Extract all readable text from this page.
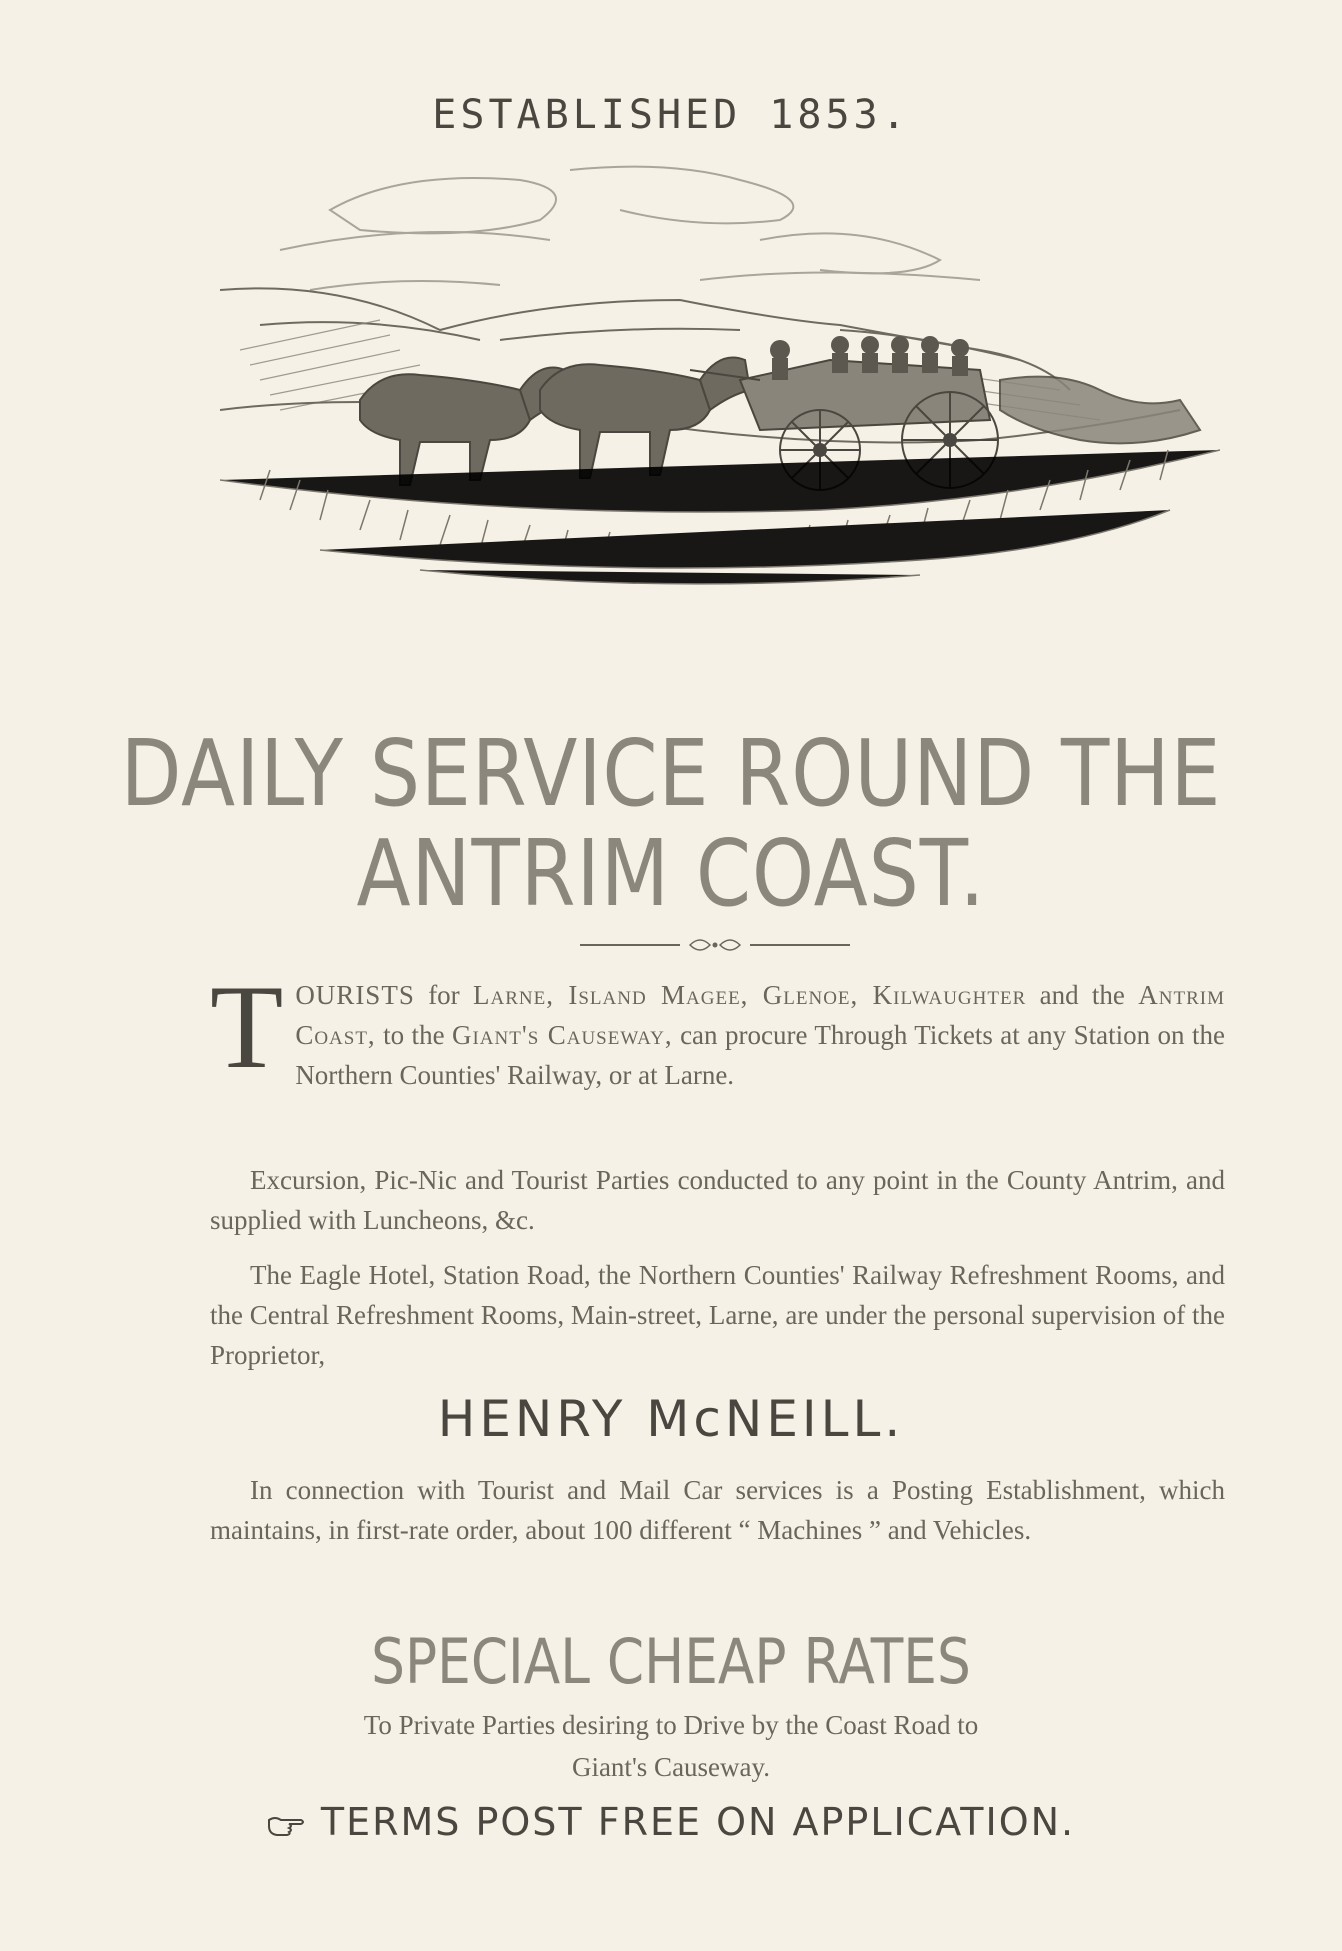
ESTABLISHED 1853.
DAILY SERVICE ROUND THE
ANTRIM COAST.
TOURISTS for Larne, Island Magee, Glenoe, Kilwaughter and the Antrim Coast, to the Giant's Causeway, can procure Through Tickets at any Station on the Northern Counties' Railway, or at Larne.
Excursion, Pic-Nic and Tourist Parties conducted to any point in the County Antrim, and supplied with Luncheons, &c.
The Eagle Hotel, Station Road, the Northern Counties' Railway Refreshment Rooms, and the Central Refreshment Rooms, Main-street, Larne, are under the personal supervision of the Proprietor,
HENRY McNEILL.
In connection with Tourist and Mail Car services is a Posting Establishment, which maintains, in first-rate order, about 100 different “ Machines ” and Vehicles.
SPECIAL CHEAP RATES
To Private Parties desiring to Drive by the Coast Road to
Giant's Causeway.
TERMS POST FREE ON APPLICATION.
